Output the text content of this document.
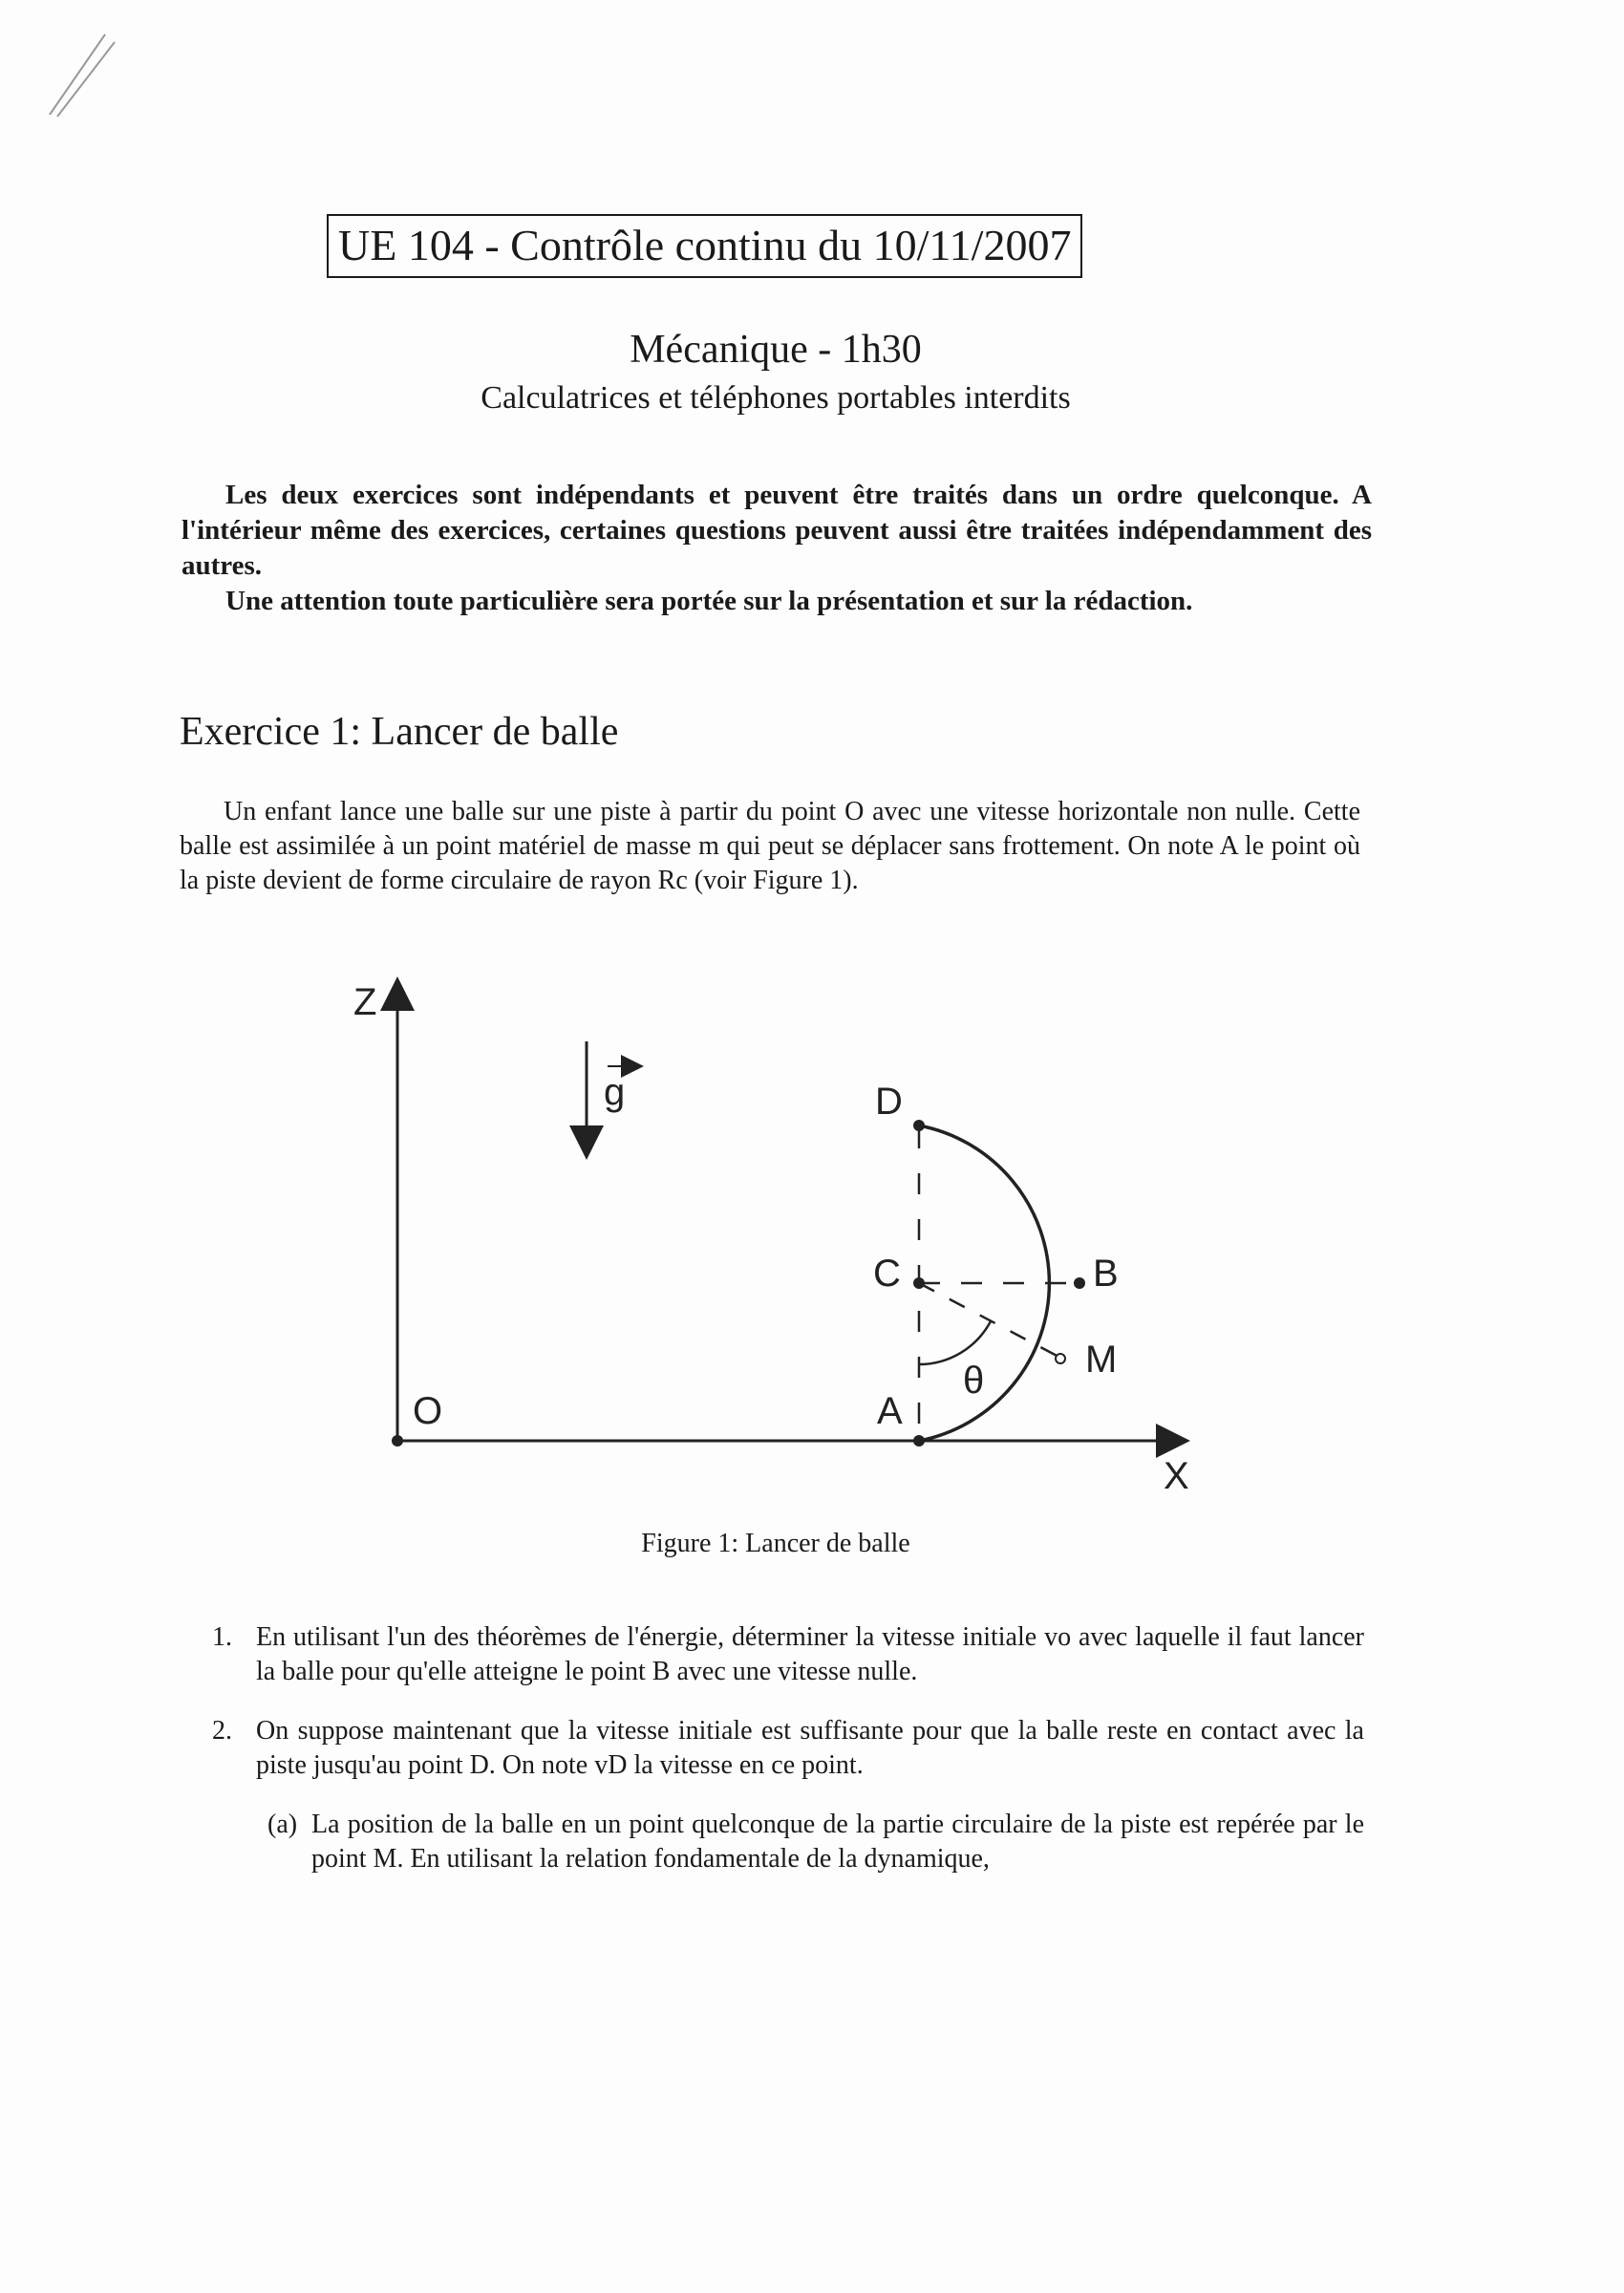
UE 104 - Contrôle continu du 10/11/2007
Mécanique - 1h30
Calculatrices et téléphones portables interdits

Les deux exercices sont indépendants et peuvent être traités dans un ordre quelconque. A l'intérieur même des exercices, certaines questions peuvent aussi être traitées indépendamment des autres.

Une attention toute particulière sera portée sur la présentation et sur la rédaction.

Exercice 1: Lancer de balle
Un enfant lance une balle sur une piste à partir du point O avec une vitesse horizontale non nulle. Cette balle est assimilée à un point matériel de masse m qui peut se déplacer sans frottement. On note A le point où la piste devient de forme circulaire de rayon Rc (voir Figure 1).
Z
X
O	A
B
C
D
M
θ
g
Figure 1: Lancer de balle
1. En utilisant l'un des théorèmes de l'énergie, déterminer la vitesse initiale vo avec laquelle il faut lancer la balle pour qu'elle atteigne le point B avec une vitesse nulle.
2. On suppose maintenant que la vitesse initiale est suffisante pour que la balle reste en contact avec la piste jusqu'au point D. On note vD la vitesse en ce point.
(a) La position de la balle en un point quelconque de la partie circulaire de la piste est repérée par le point M. En utilisant la relation fondamentale de la dynamique,
